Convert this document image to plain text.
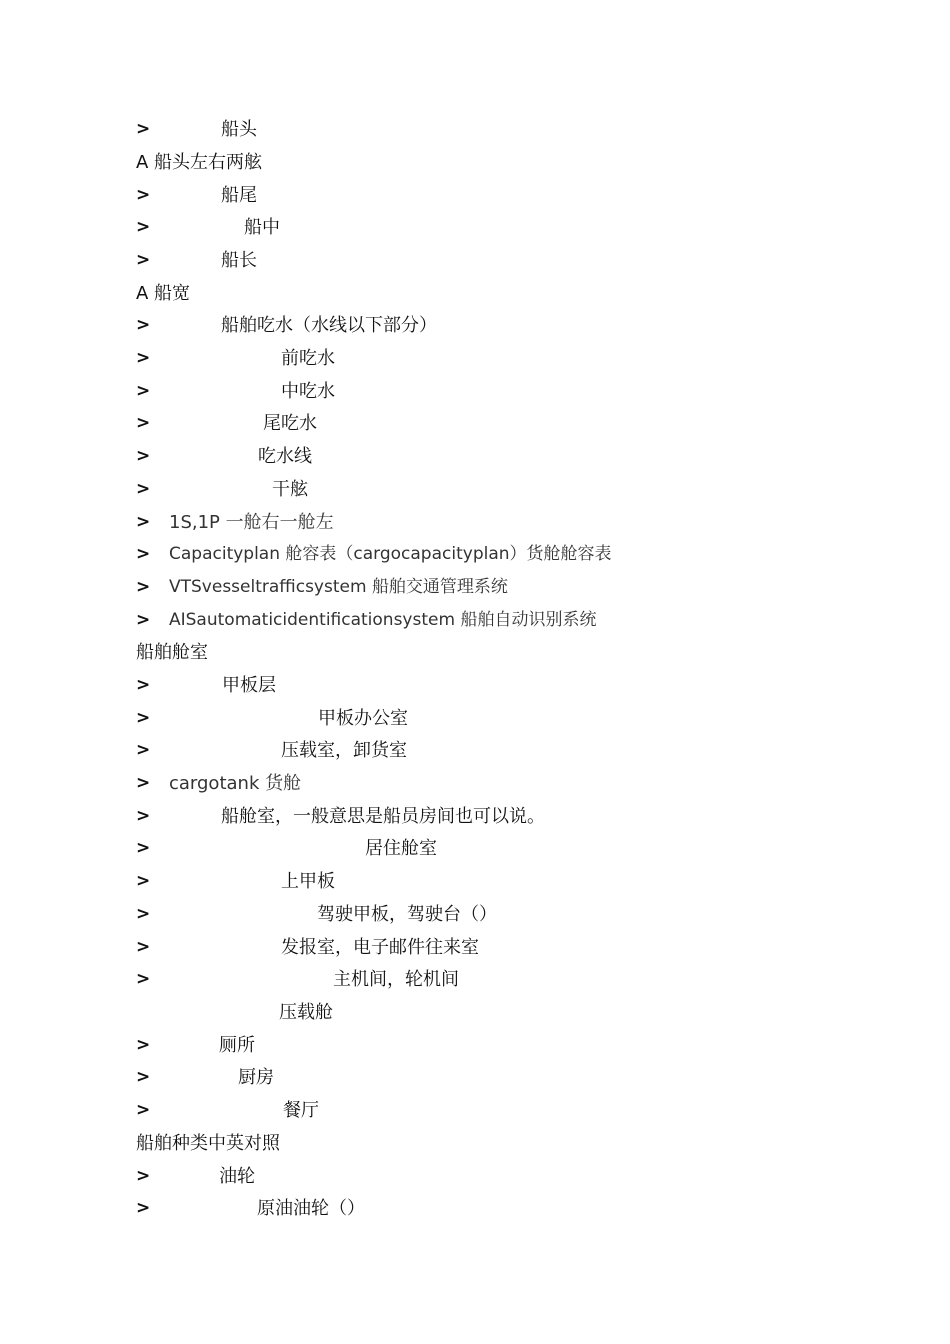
>	船头
A 船头左右两舷
>	船尾
>	船中
>	船长
A 船宽
>	船舶吃水（水线以下部分）
>	前吃水
>	中吃水
>	尾吃水
>	吃水线
>	干舷
> 1S,1P 一舱右一舱左
> Capacityplan 舱容表（cargocapacityplan）货舱舱容表
> VTSvesseltrafficsystem 船舶交通管理系统
> AISautomaticidentificationsystem 船舶自动识别系统
船舶舱室
>	甲板层
>	甲板办公室
>	压载室，卸货室
> cargotank 货舱
>	船舱室，一般意思是船员房间也可以说。
>	居住舱室
>	上甲板
>	驾驶甲板，驾驶台（）
>	发报室，电子邮件往来室
>	主机间，轮机间
压载舱
>	厕所
>	厨房
>	餐厅
船舶种类中英对照
>	油轮
>	原油油轮（）
